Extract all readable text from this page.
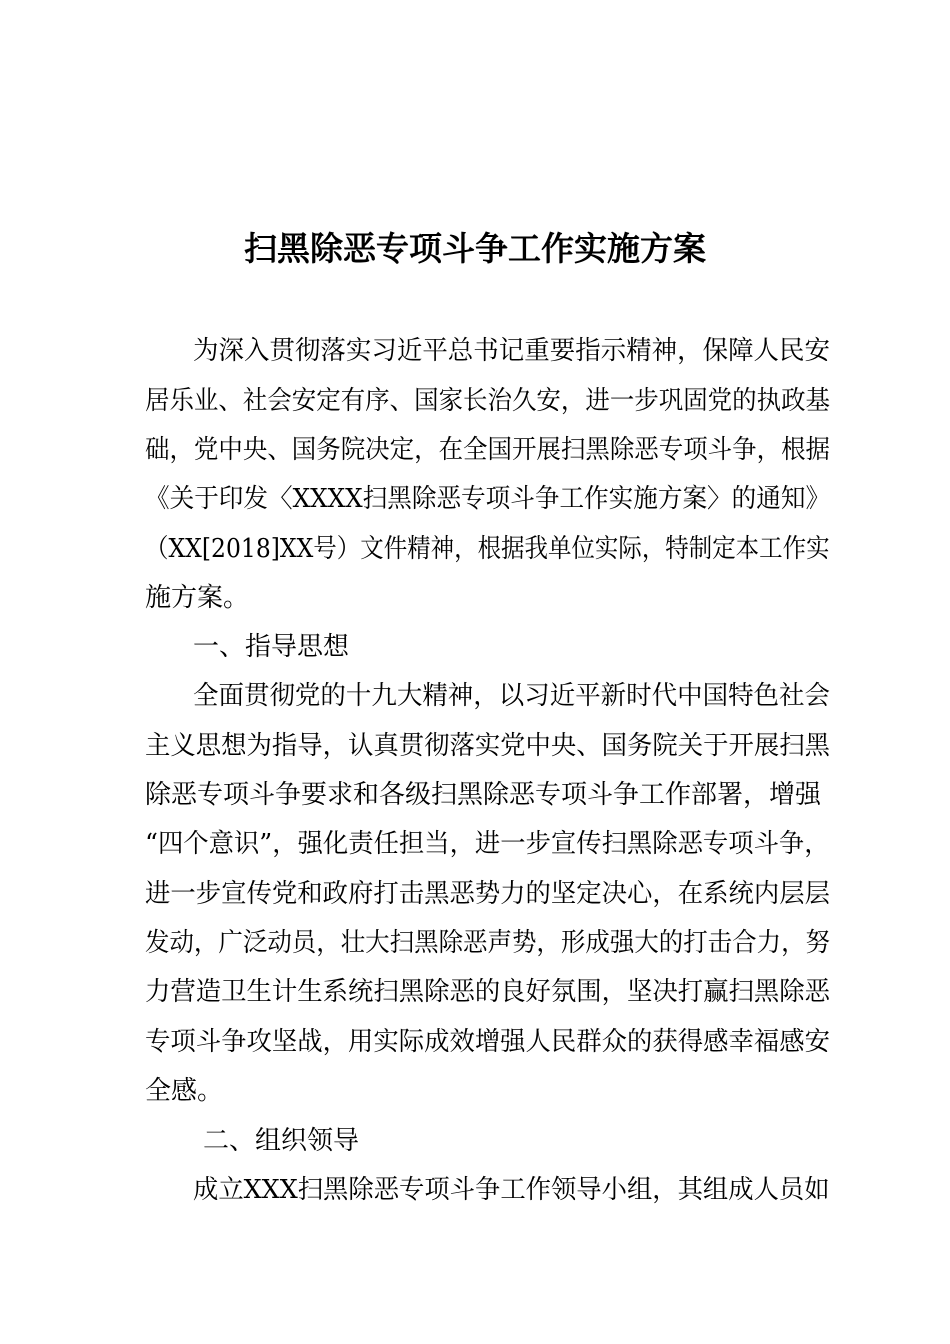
扫黑除恶专项斗争工作实施方案
为深入贯彻落实习近平总书记重要指示精神，保障人民安
居乐业、社会安定有序、国家长治久安，进一步巩固党的执政基
础，党中央、国务院决定，在全国开展扫黑除恶专项斗争，根据
《关于印发〈XXXX扫黑除恶专项斗争工作实施方案〉的通知》
（XX[2018]XX号）文件精神，根据我单位实际，特制定本工作实
施方案。
一、指导思想
全面贯彻党的十九大精神，以习近平新时代中国特色社会
主义思想为指导，认真贯彻落实党中央、国务院关于开展扫黑
除恶专项斗争要求和各级扫黑除恶专项斗争工作部署，增强
“四个意识”，强化责任担当，进一步宣传扫黑除恶专项斗争，
进一步宣传党和政府打击黑恶势力的坚定决心，在系统内层层
发动，广泛动员，壮大扫黑除恶声势，形成强大的打击合力，努
力营造卫生计生系统扫黑除恶的良好氛围，坚决打赢扫黑除恶
专项斗争攻坚战，用实际成效增强人民群众的获得感幸福感安
全感。
二、组织领导
成立XXX扫黑除恶专项斗争工作领导小组，其组成人员如
